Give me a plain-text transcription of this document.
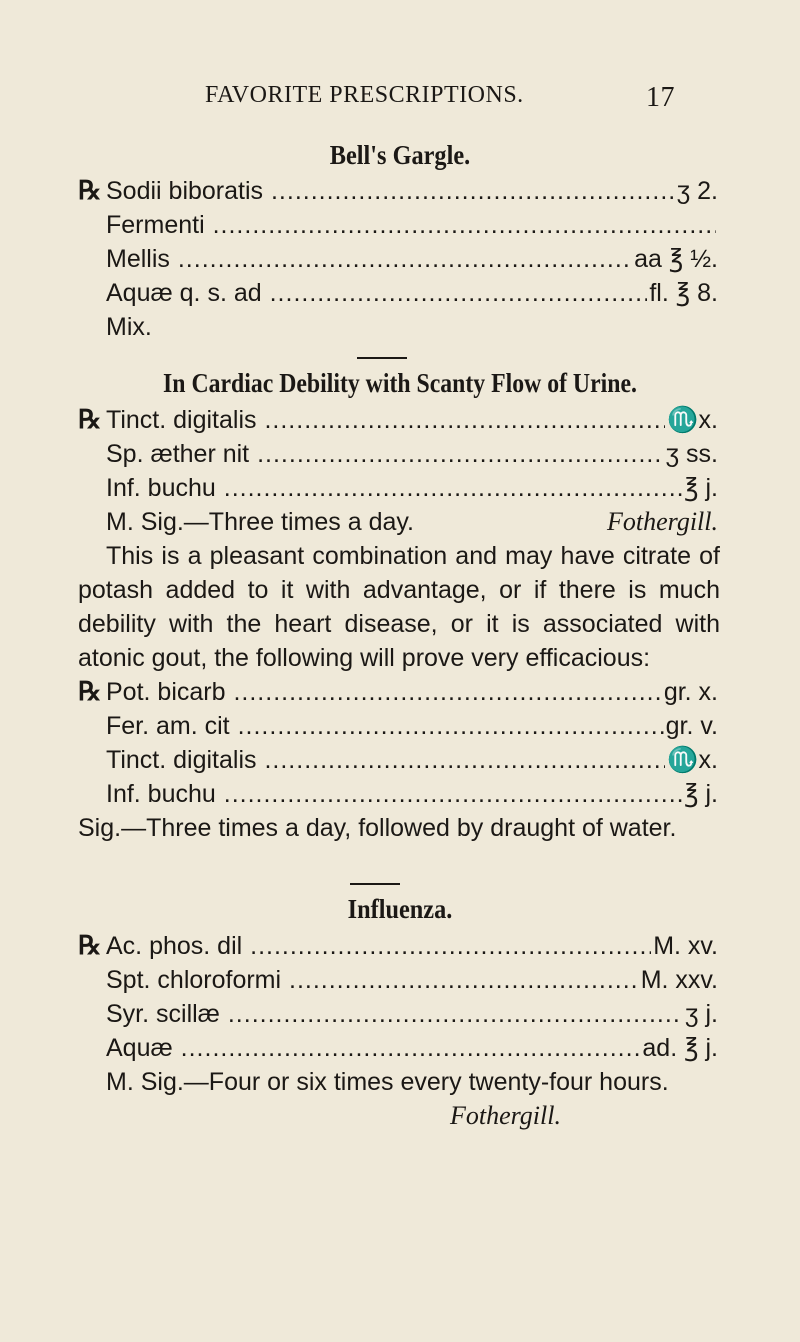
FAVORITE PRESCRIPTIONS.	17
Bell's Gargle.
℞ Sodii biboratis .....	ʒ 2.
Fermenti .....
Mellis .....	aa ℥ ½.
Aquæ q. s. ad .....	fl. ℥ 8.
Mix.
In Cardiac Debility with Scanty Flow of Urine.
℞ Tinct. digitalis .....	♏x.
Sp. æther nit .....	ʒ ss.
Inf. buchu .....	℥ j.
M. Sig.—Three times a day.	Fothergill.
This is a pleasant combination and may have citrate of potash added to it with advantage, or if there is much debility with the heart disease, or it is associated with atonic gout, the following will prove very efficacious:
℞ Pot. bicarb .....	gr. x.
Fer. am. cit .....	gr. v.
Tinct. digitalis .....	♏x.
Inf. buchu .....	℥ j.
Sig.—Three times a day, followed by draught of water.
Influenza.
℞ Ac. phos. dil .....	M. xv.
Spt. chloroformi .....	M. xxv.
Syr. scillæ .....	ʒ j.
Aquæ .....	ad. ℥ j.
M. Sig.—Four or six times every twenty-four hours.
Fothergill.
